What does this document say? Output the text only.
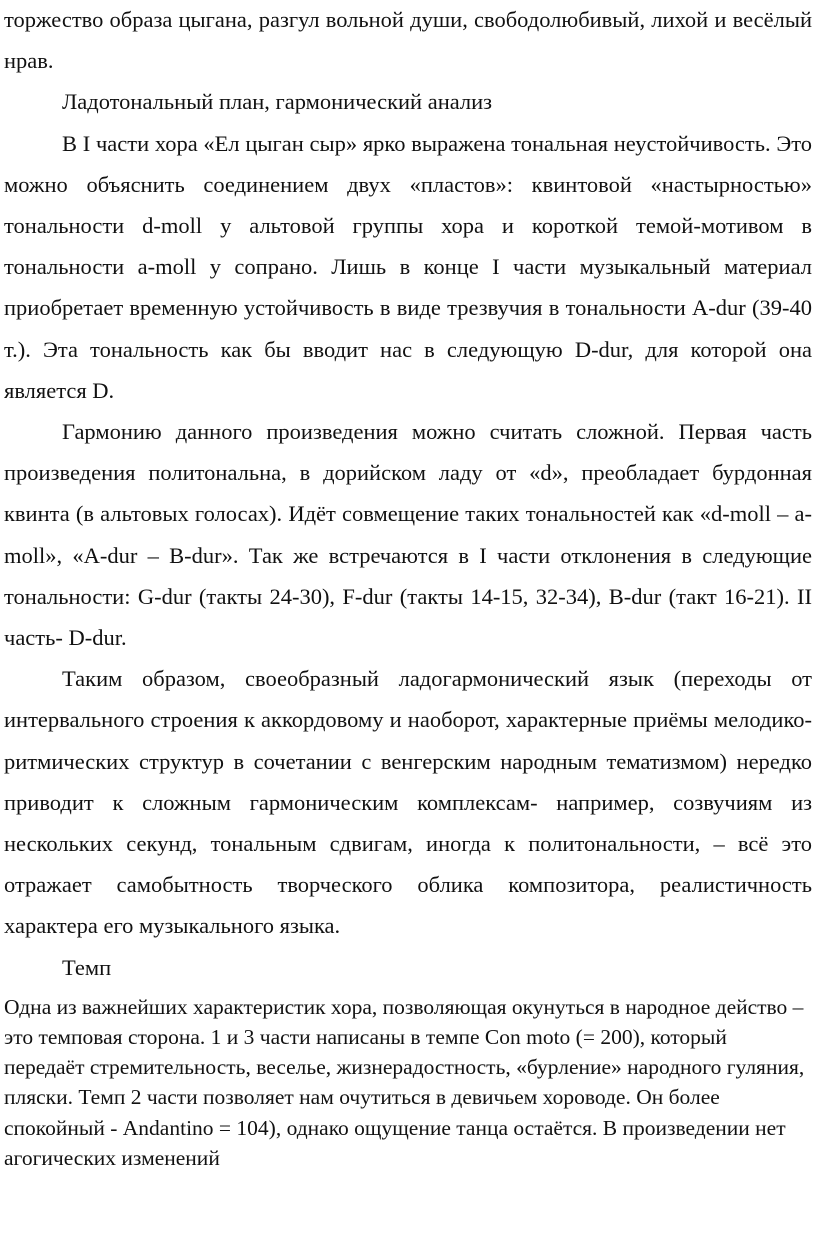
торжество образа цыгана, разгул вольной души, свободолюбивый, лихой и весёлый нрав.

Ладотональный план, гармонический анализ

В I части хора «Ел цыган сыр» ярко выражена тональная неустойчивость. Это можно объяснить соединением двух «пластов»: квинтовой «настырностью» тональности d-moll у альтовой группы хора и короткой темой-мотивом в тональности a-moll у сопрано. Лишь в конце I части музыкальный материал приобретает временную устойчивость в виде трезвучия в тональности A-dur (39-40 т.). Эта тональность как бы вводит нас в следующую D-dur, для которой она является D.

Гармонию данного произведения можно считать сложной. Первая часть произведения политональна, в дорийском ладу от «d», преобладает бурдонная квинта (в альтовых голосах). Идёт совмещение таких тональностей как «d-moll – a-moll», «A-dur – B-dur». Так же встречаются в I части отклонения в следующие тональности: G-dur (такты 24-30), F-dur (такты 14-15, 32-34), B-dur (такт 16-21). II часть- D-dur.

Таким образом, своеобразный ладогармонический язык (переходы от интервального строения к аккордовому и наоборот, характерные приёмы мелодико-ритмических структур в сочетании с венгерским народным тематизмом) нередко приводит к сложным гармоническим комплексам- например, созвучиям из нескольких секунд, тональным сдвигам, иногда к политональности, – всё это отражает самобытность творческого облика композитора, реалистичность характера его музыкального языка.

Темп

Одна из важнейших характеристик хора, позволяющая окунуться в народное действо – это темповая сторона. 1 и 3 части написаны в темпе Con moto (= 200), который передаёт стремительность, веселье, жизнерадостность, «бурление» народного гуляния, пляски. Темп 2 части позволяет нам очутиться в девичьем хороводе. Он более спокойный - Andantino = 104), однако ощущение танца остаётся. В произведении нет агогических изменений
